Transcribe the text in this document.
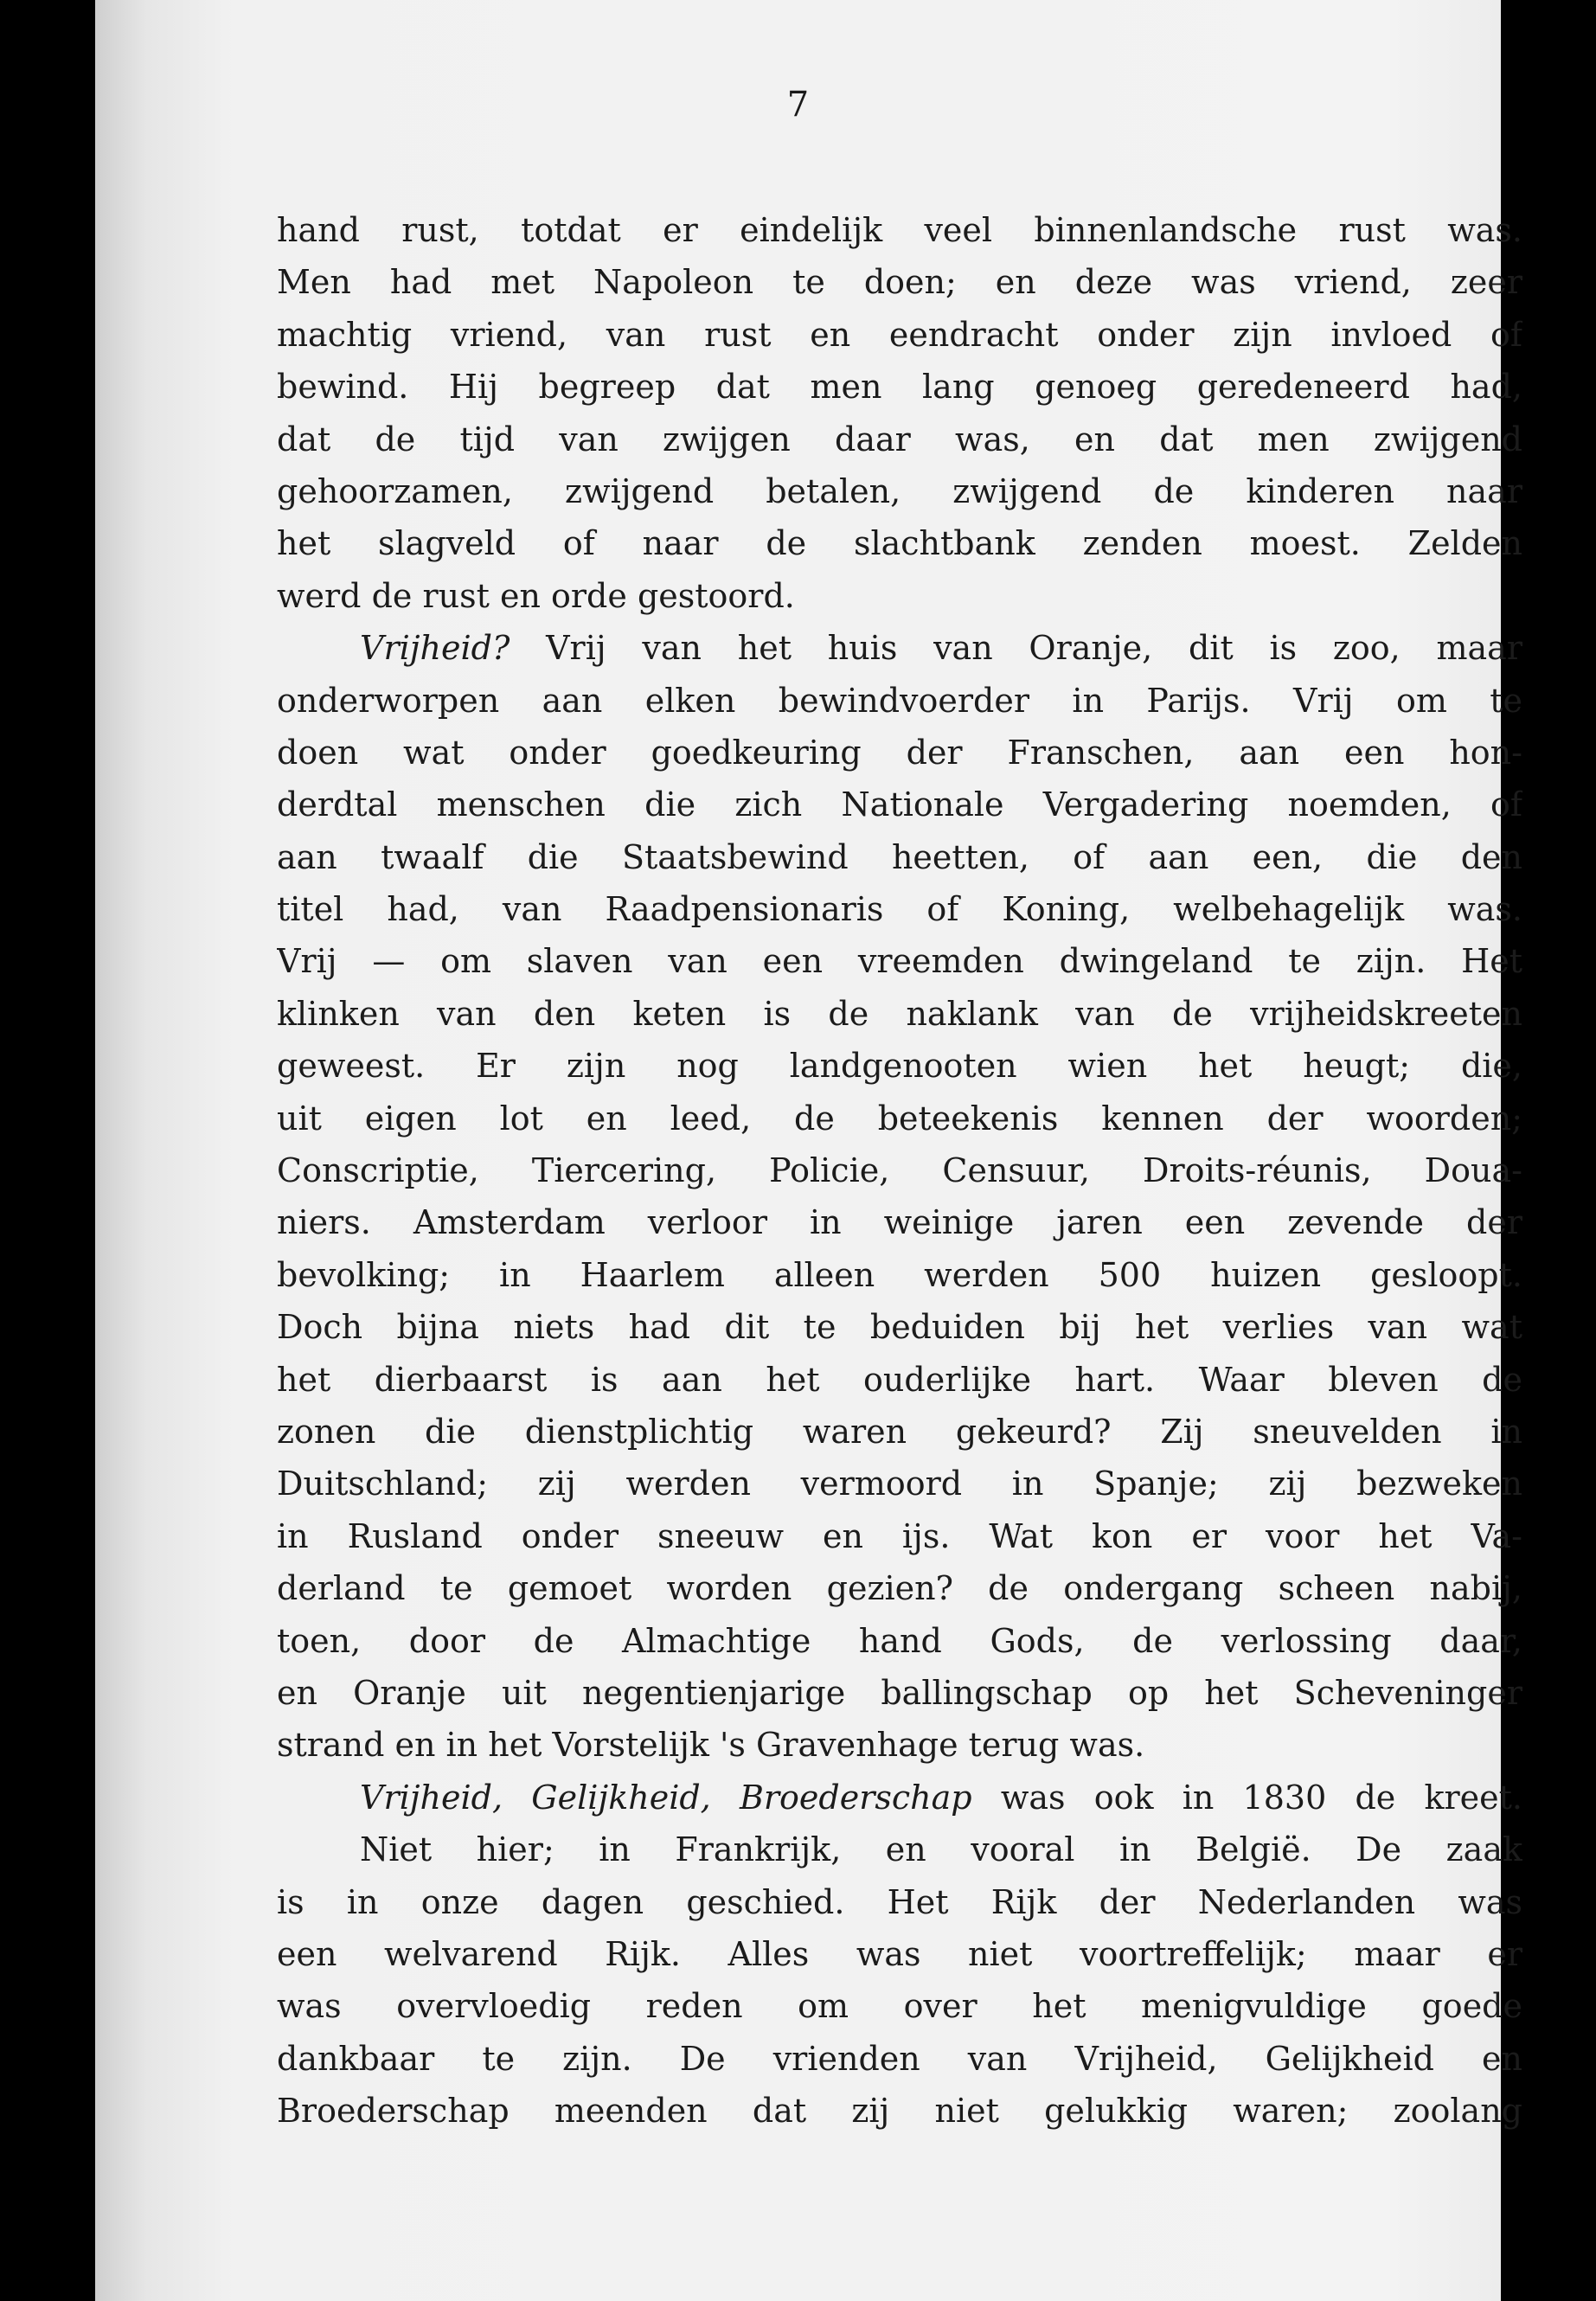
7
hand rust, totdat er eindelijk veel binnenlandsche rust was.
Men had met Napoleon te doen; en deze was vriend, zeer
machtig vriend, van rust en eendracht onder zijn invloed of
bewind. Hij begreep dat men lang genoeg geredeneerd had,
dat de tijd van zwijgen daar was, en dat men zwijgend
gehoorzamen, zwijgend betalen, zwijgend de kinderen naar
het slagveld of naar de slachtbank zenden moest. Zelden
werd de rust en orde gestoord.
Vrijheid? Vrij van het huis van Oranje, dit is zoo, maar
onderworpen aan elken bewindvoerder in Parijs. Vrij om te
doen wat onder goedkeuring der Franschen, aan een hon-
derdtal menschen die zich Nationale Vergadering noemden, of
aan twaalf die Staatsbewind heetten, of aan een, die den
titel had, van Raadpensionaris of Koning, welbehagelijk was.
Vrij — om slaven van een vreemden dwingeland te zijn. Het
klinken van den keten is de naklank van de vrijheidskreeten
geweest. Er zijn nog landgenooten wien het heugt; die,
uit eigen lot en leed, de beteekenis kennen der woorden;
Conscriptie, Tiercering, Policie, Censuur, Droits-réunis, Doua-
niers. Amsterdam verloor in weinige jaren een zevende der
bevolking; in Haarlem alleen werden 500 huizen gesloopt.
Doch bijna niets had dit te beduiden bij het verlies van wat
het dierbaarst is aan het ouderlijke hart. Waar bleven de
zonen die dienstplichtig waren gekeurd? Zij sneuvelden in
Duitschland; zij werden vermoord in Spanje; zij bezweken
in Rusland onder sneeuw en ijs. Wat kon er voor het Va-
derland te gemoet worden gezien? de ondergang scheen nabij,
toen, door de Almachtige hand Gods, de verlossing daar,
en Oranje uit negentienjarige ballingschap op het Scheveninger
strand en in het Vorstelijk 's Gravenhage terug was.
Vrijheid, Gelijkheid, Broederschap was ook in 1830 de kreet.
Niet hier; in Frankrijk, en vooral in België. De zaak
is in onze dagen geschied. Het Rijk der Nederlanden was
een welvarend Rijk. Alles was niet voortreffelijk; maar er
was overvloedig reden om over het menigvuldige goede
dankbaar te zijn. De vrienden van Vrijheid, Gelijkheid en
Broederschap meenden dat zij niet gelukkig waren; zoolang
